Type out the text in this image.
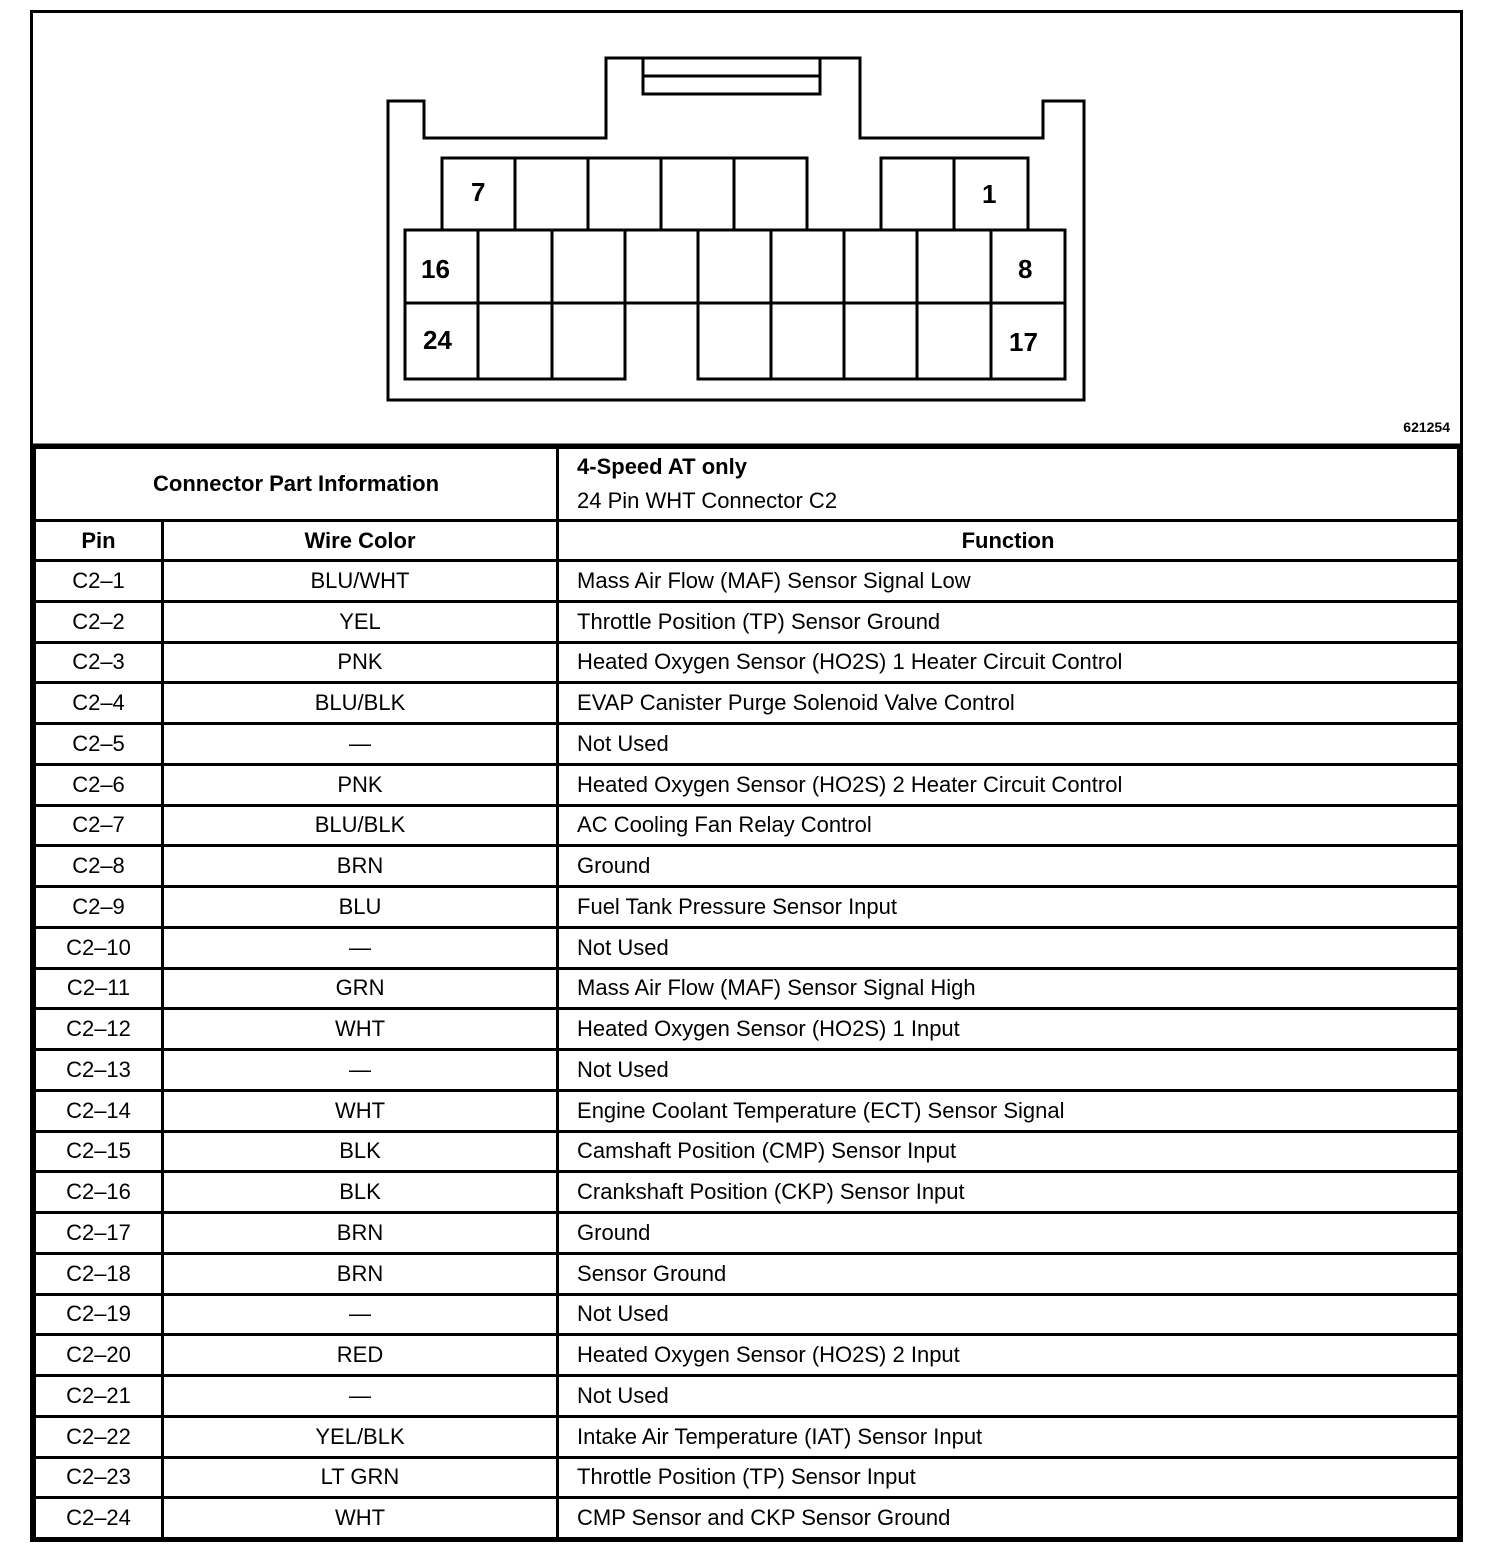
7	1
16	8
24	17
621254
Connector Part Information		4-Speed AT only
24 Pin WHT Connector C2

Pin	Wire Color	Function
C2–1	BLU/WHT	Mass Air Flow (MAF) Sensor Signal Low
C2–2	YEL	Throttle Position (TP) Sensor Ground
C2–3	PNK	Heated Oxygen Sensor (HO2S) 1 Heater Circuit Control
C2–4	BLU/BLK	EVAP Canister Purge Solenoid Valve Control
C2–5	—	Not Used
C2–6	PNK	Heated Oxygen Sensor (HO2S) 2 Heater Circuit Control
C2–7	BLU/BLK	AC Cooling Fan Relay Control
C2–8	BRN	Ground
C2–9	BLU	Fuel Tank Pressure Sensor Input
C2–10	—	Not Used
C2–11	GRN	Mass Air Flow (MAF) Sensor Signal High
C2–12	WHT	Heated Oxygen Sensor (HO2S) 1 Input
C2–13	—	Not Used
C2–14	WHT	Engine Coolant Temperature (ECT) Sensor Signal
C2–15	BLK	Camshaft Position (CMP) Sensor Input
C2–16	BLK	Crankshaft Position (CKP) Sensor Input
C2–17	BRN	Ground
C2–18	BRN	Sensor Ground
C2–19	—	Not Used
C2–20	RED	Heated Oxygen Sensor (HO2S) 2 Input
C2–21	—	Not Used
C2–22	YEL/BLK	Intake Air Temperature (IAT) Sensor Input
C2–23	LT GRN	Throttle Position (TP) Sensor Input
C2–24	WHT	CMP Sensor and CKP Sensor Ground
